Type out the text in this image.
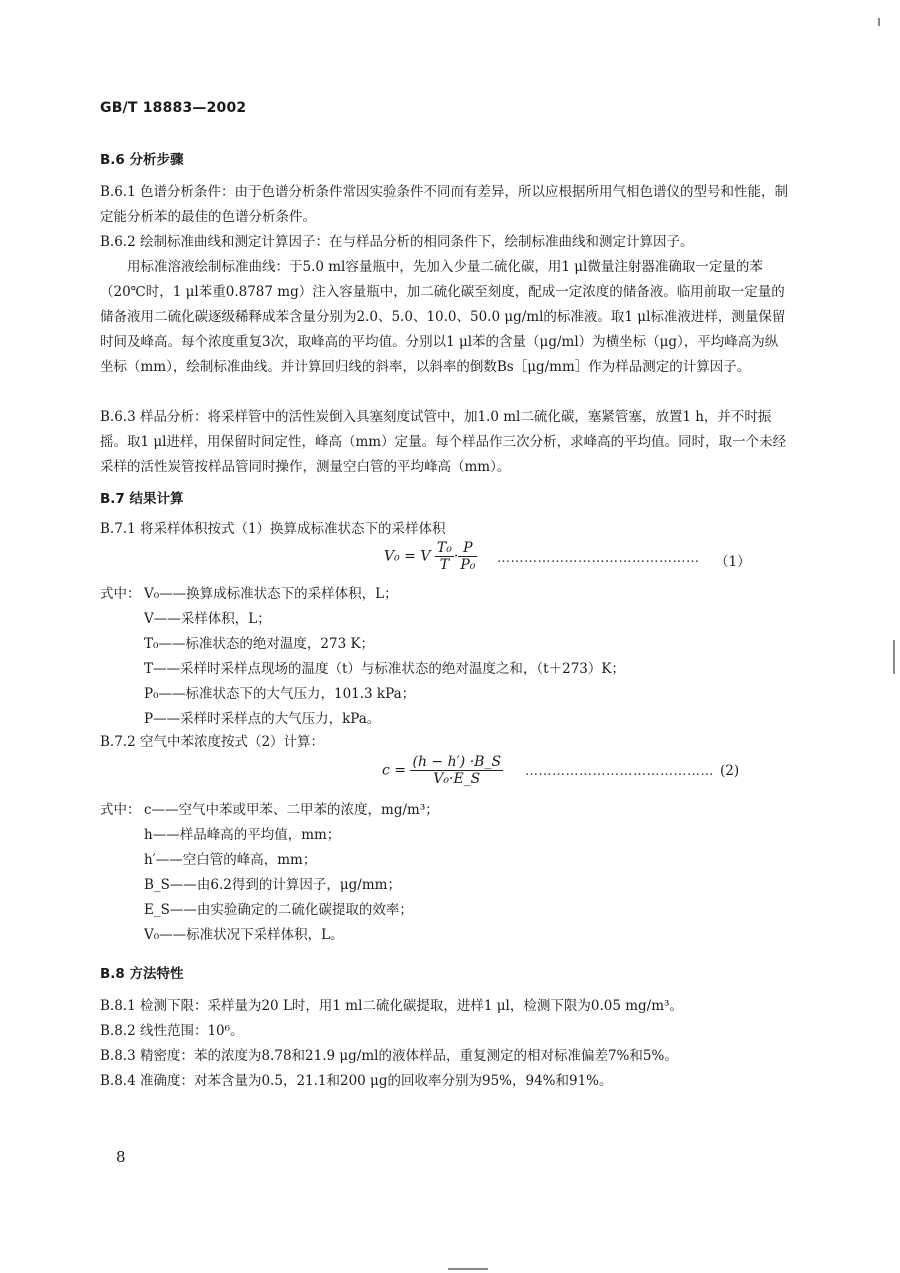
GB/T 18883—2002
B.6 分析步骤
B.6.1 色谱分析条件：由于色谱分析条件常因实验条件不同而有差异，所以应根据所用气相色谱仪的型号和性能，制定能分析苯的最佳的色谱分析条件。
B.6.2 绘制标准曲线和测定计算因子：在与样品分析的相同条件下，绘制标准曲线和测定计算因子。
用标准溶液绘制标准曲线：于5.0 ml容量瓶中，先加入少量二硫化碳，用1 μl微量注射器准确取一定量的苯（20℃时，1 μl苯重0.8787 mg）注入容量瓶中，加二硫化碳至刻度，配成一定浓度的储备液。临用前取一定量的储备液用二硫化碳逐级稀释成苯含量分别为2.0、5.0、10.0、50.0 μg/ml的标准液。取1 μl标准液进样，测量保留时间及峰高。每个浓度重复3次，取峰高的平均值。分别以1 μl苯的含量（μg/ml）为横坐标（μg），平均峰高为纵坐标（mm），绘制标准曲线。并计算回归线的斜率，以斜率的倒数Bs［μg/mm］作为样品测定的计算因子。
B.6.3 样品分析：将采样管中的活性炭倒入具塞刻度试管中，加1.0 ml二硫化碳，塞紧管塞，放置1 h，并不时振摇。取1 μl进样，用保留时间定性，峰高（mm）定量。每个样品作三次分析，求峰高的平均值。同时，取一个未经采样的活性炭管按样品管同时操作，测量空白管的平均峰高（mm）。
B.7 结果计算
B.7.1 将采样体积按式（1）换算成标准状态下的采样体积
V₀ = V $\frac{\text{T₀}}{T} \cdot \frac{P}{\text{P₀}}$ ……………………………………… （1）
式中： V₀——换算成标准状态下的采样体积，L；
V——采样体积，L；
T₀——标准状态的绝对温度，273 K；
T——采样时采样点现场的温度（t）与标准状态的绝对温度之和，（t＋273）K；
P₀——标准状态下的大气压力，101.3 kPa；
P——采样时采样点的大气压力，kPa。
B.7.2 空气中苯浓度按式（2）计算：
$c = \frac{(h - h') \cdot B\_S}{\text{V₀·E\_S}}$ …………………………………… (2)
式中： c——空气中苯或甲苯、二甲苯的浓度，mg/m³；
h——样品峰高的平均值，mm；
h′——空白管的峰高，mm；
B_S——由6.2得到的计算因子，μg/mm；
E_S——由实验确定的二硫化碳提取的效率；
V₀——标准状况下采样体积，L。
B.8 方法特性
B.8.1 检测下限：采样量为20 L时，用1 ml二硫化碳提取，进样1 μl，检测下限为0.05 mg/m³。
B.8.2 线性范围：10⁶。
B.8.3 精密度：苯的浓度为8.78和21.9 μg/ml的液体样品，重复测定的相对标准偏差7%和5%。
B.8.4 准确度：对苯含量为0.5，21.1和200 μg的回收率分别为95%，94%和91%。
8
